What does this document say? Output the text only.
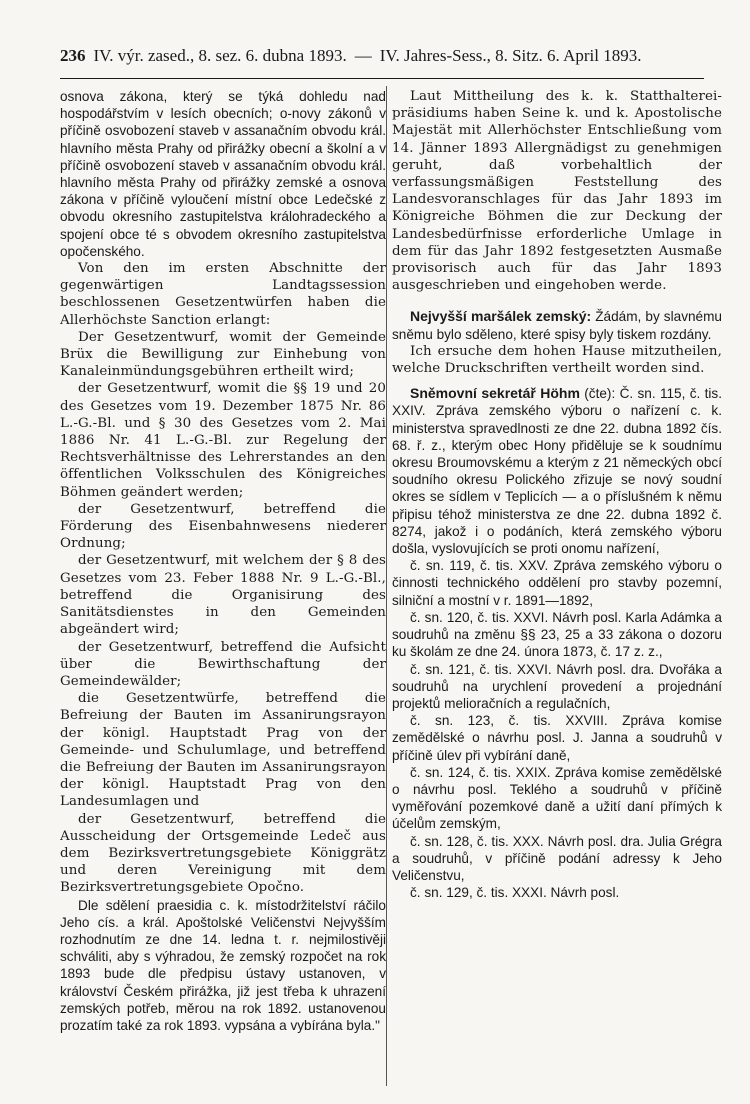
236 IV. výr. zased., 8. sez. 6. dubna 1893. — IV. Jahres-Sess., 8. Sitz. 6. April 1893.

osnova zákona, který se týká dohledu nad hospodářstvím v lesích obecních; o-novy zákonů v příčině osvobození staveb v assanačním obvodu král. hlavního města Prahy od přirážky obecní a školní a v příčině osvobození staveb v assanačním obvodu král. hlavního města Prahy od přirážky zemské a osnova zákona v příčině vyloučení místní obce Ledečské z obvodu okresního zastupitelstva králohradeckého a spojení obce té s obvodem okresního zastupitelstva opočenského.

Von den im ersten Abschnitte der gegenwärtigen Landtagssession beschlossenen Gesetzentwürfen haben die Allerhöchste Sanction erlangt:

Der Gesetzentwurf, womit der Gemeinde Brüx die Bewilligung zur Einhebung von Kanaleinmündungsgebühren ertheilt wird;

der Gesetzentwurf, womit die §§ 19 und 20 des Gesetzes vom 19. Dezember 1875 Nr. 86 L.-G.-Bl. und § 30 des Gesetzes vom 2. Mai 1886 Nr. 41 L.-G.-Bl. zur Regelung der Rechtsverhältnisse des Lehrerstandes an den öffentlichen Volksschulen des Königreiches Böhmen geändert werden;

der Gesetzentwurf, betreffend die Förderung des Eisenbahnwesens niederer Ordnung;

der Gesetzentwurf, mit welchem der § 8 des Gesetzes vom 23. Feber 1888 Nr. 9 L.-G.-Bl., betreffend die Organisirung des Sanitätsdienstes in den Gemeinden abgeändert wird;

der Gesetzentwurf, betreffend die Aufsicht über die Bewirthschaftung der Gemeindewälder;

die Gesetzentwürfe, betreffend die Befreiung der Bauten im Assanirungsrayon der königl. Hauptstadt Prag von der Gemeinde- und Schulumlage, und betreffend die Befreiung der Bauten im Assanirungsrayon der königl. Hauptstadt Prag von den Landesumlagen und

der Gesetzentwurf, betreffend die Ausscheidung der Ortsgemeinde Ledeč aus dem Bezirksvertretungsgebiete Königgrätz und deren Vereinigung mit dem Bezirksvertretungsgebiete Opočno.

Dle sdělení praesidia c. k. místodržitelství ráčilo Jeho cís. a král. Apoštolské Veličenstvi Nejvyšším rozhodnutím ze dne 14. ledna t. r. nejmilostivěji schváliti, aby s výhradou, že zemský rozpočet na rok 1893 bude dle předpisu ústavy ustanoven, v království Českém přirážka, již jest třeba k uhrazení zemských potřeb, měrou na rok 1892. ustanovenou prozatím také za rok 1893. vypsána a vybírána byla."

Laut Mittheilung des k. k. Statthalterei-präsidiums haben Seine k. und k. Apostolische Majestät mit Allerhöchster Entschließung vom 14. Jänner 1893 Allergnädigst zu genehmigen geruht, daß vorbehaltlich der verfassungsmäßigen Feststellung des Landesvoranschlages für das Jahr 1893 im Königreiche Böhmen die zur Deckung der Landesbedürfnisse erforderliche Umlage in dem für das Jahr 1892 festgesetzten Ausmaße provisorisch auch für das Jahr 1893 ausgeschrieben und eingehoben werde.

Nejvyšší maršálek zemský: Žádám, by slavnému sněmu bylo sděleno, které spisy byly tiskem rozdány.

Ich ersuche dem hohen Hause mitzutheilen, welche Druckschriften vertheilt worden sind.

Sněmovní sekretář Höhm (čte): Č. sn. 115, č. tis. XXIV. Zpráva zemského výboru o nařízení c. k. ministerstva spravedlnosti ze dne 22. dubna 1892 čís. 68. ř. z., kterým obec Hony přiděluje se k soudnímu okresu Broumovskému a kterým z 21 německých obcí soudního okresu Polického zřizuje se nový soudní okres se sídlem v Teplicích — a o příslušném k němu připisu téhož ministerstva ze dne 22. dubna 1892 č. 8274, jakož i o podáních, která zemského výboru došla, vyslovujících se proti onomu nařízení,

č. sn. 119, č. tis. XXV. Zpráva zemského výboru o činnosti technického oddělení pro stavby pozemní, silniční a mostní v r. 1891—1892,

č. sn. 120, č. tis. XXVI. Návrh posl. Karla Adámka a soudruhů na změnu §§ 23, 25 a 33 zákona o dozoru ku školám ze dne 24. února 1873, č. 17 z. z.,

č. sn. 121, č. tis. XXVI. Návrh posl. dra. Dvořáka a soudruhů na urychlení provedení a projednání projektů melioračních a regulačních,

č. sn. 123, č. tis. XXVIII. Zpráva komise zemědělské o návrhu posl. J. Janna a soudruhů v příčině úlev při vybírání daně,

č. sn. 124, č. tis. XXIX. Zpráva komise zemědělské o návrhu posl. Teklého a soudruhů v příčině vyměřování pozemkové daně a užití daní přímých k účelům zemským,

č. sn. 128, č. tis. XXX. Návrh posl. dra. Julia Grégra a soudruhů, v příčině podání adressy k Jeho Veličenstvu,

č. sn. 129, č. tis. XXXI. Návrh posl.
